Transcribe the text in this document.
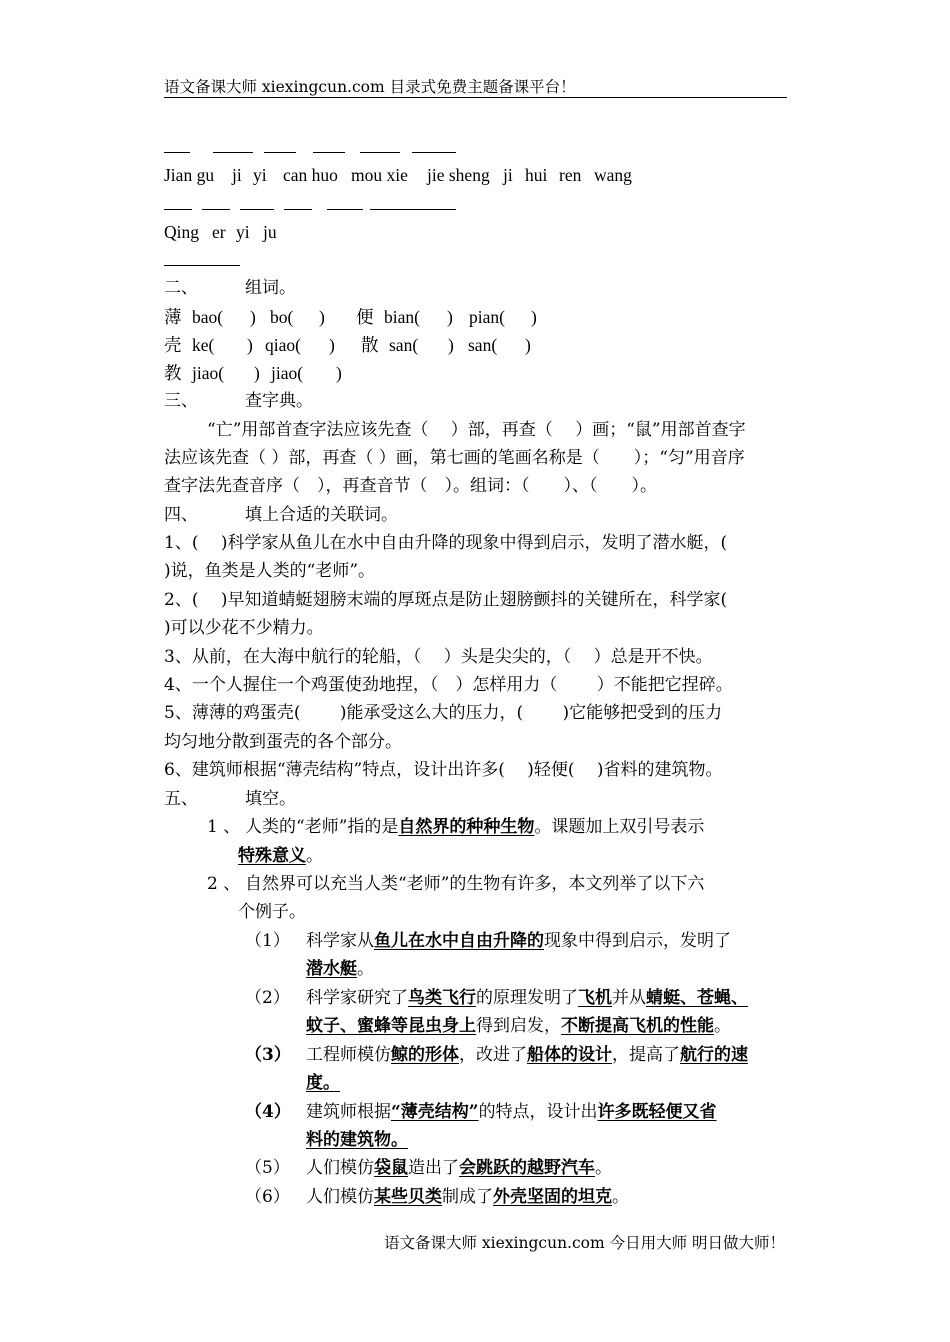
语文备课大师 xiexingcun.com 目录式免费主题备课平台！
Jian gu ji yi can huo mou xie jie sheng ji hui ren wang
Qing er yi ju
二、	组词。
薄 bao( ) bo( ) 便 bian( ) pian( )
壳 ke( ) qiao( ) 散 san( ) san( )
教 jiao( ) jiao( )
三、	查字典。
“亡”用部首查字法应该先查（　 ）部，再查（ 　）画；“鼠”用部首查字
法应该先查（ ）部，再查（ ）画，第七画的笔画名称是（　　）；“匀”用音序
查字法先查音序（　），再查音节（　）。组词：（　　）、（　　）。
四、	填上合适的关联词。
1、(　 )科学家从鱼儿在水中自由升降的现象中得到启示，发明了潜水艇，(
)说，鱼类是人类的“老师”。
2、(　 )早知道蜻蜓翅膀末端的厚斑点是防止翅膀颤抖的关键所在，科学家(
)可以少花不少精力。
3、从前，在大海中航行的轮船，（　 ）头是尖尖的，（　 ）总是开不快。
4、一个人握住一个鸡蛋使劲地捏，（　）怎样用力（　　 ）不能把它捏碎。
5、薄薄的鸡蛋壳(　　 )能承受这么大的压力，(　　 )它能够把受到的压力
均匀地分散到蛋壳的各个部分。
6、建筑师根据“薄壳结构”特点，设计出许多(　 )轻便(　 )省料的建筑物。
五、	填空。
1 、 人类的“老师”指的是自然界的种种生物。课题加上双引号表示
特殊意义。
2 、 自然界可以充当人类“老师”的生物有许多，本文列举了以下六
个例子。
（1） 科学家从鱼儿在水中自由升降的现象中得到启示，发明了
潜水艇。
（2） 科学家研究了鸟类飞行的原理发明了飞机并从蜻蜓、苍蝇、
蚊子、蜜蜂等昆虫身上得到启发，不断提高飞机的性能。
（3） 工程师模仿鲸的形体，改进了船体的设计，提高了航行的速
度。
（4） 建筑师根据“薄壳结构”的特点，设计出许多既轻便又省
料的建筑物。
（5） 人们模仿袋鼠造出了会跳跃的越野汽车。
（6） 人们模仿某些贝类制成了外壳坚固的坦克。
语文备课大师 xiexingcun.com 今日用大师 明日做大师！
